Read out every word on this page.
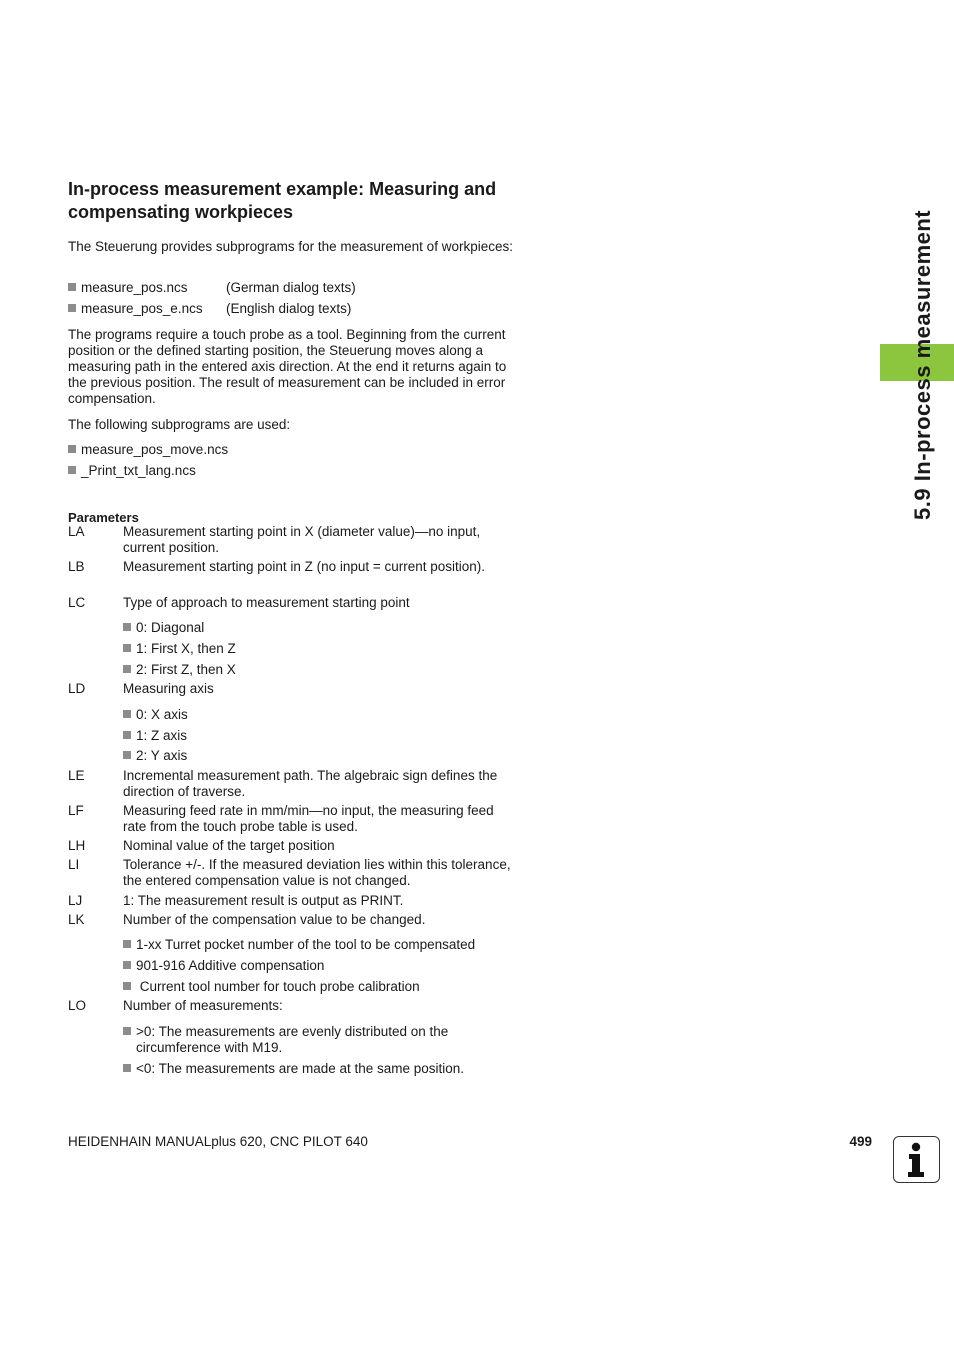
In-process measurement example: Measuring and compensating workpieces

The Steuerung provides subprograms for the measurement of workpieces:

measure_pos.ncs	(German dialog texts)
measure_pos_e.ncs (English dialog texts)

The programs require a touch probe as a tool. Beginning from the current position or the defined starting position, the Steuerung moves along a measuring path in the entered axis direction. At the end it returns again to the previous position. The result of measurement can be included in error compensation.

The following subprograms are used:

measure_pos_move.ncs
_Print_txt_lang.ncs
Parameters
LA	Measurement starting point in X (diameter value)—no input, current position.
LB	Measurement starting point in Z (no input = current position).
LC	Type of approach to measurement starting point
0: Diagonal
1: First X, then Z
2: First Z, then X
LD	Measuring axis
0: X axis
1: Z axis
2: Y axis
LE	Incremental measurement path. The algebraic sign defines the direction of traverse.
LF	Measuring feed rate in mm/min—no input, the measuring feed rate from the touch probe table is used.
LH	Nominal value of the target position
LI	Tolerance +/-. If the measured deviation lies within this tolerance, the entered compensation value is not changed.
LJ	1: The measurement result is output as PRINT.
LK	Number of the compensation value to be changed.
1-xx Turret pocket number of the tool to be compensated
901-916 Additive compensation
Current tool number for touch probe calibration
LO	Number of measurements:
>0: The measurements are evenly distributed on the circumference with M19.
<0: The measurements are made at the same position.
HEIDENHAIN MANUALplus 620, CNC PILOT 640	499
5.9 In-process measurement
